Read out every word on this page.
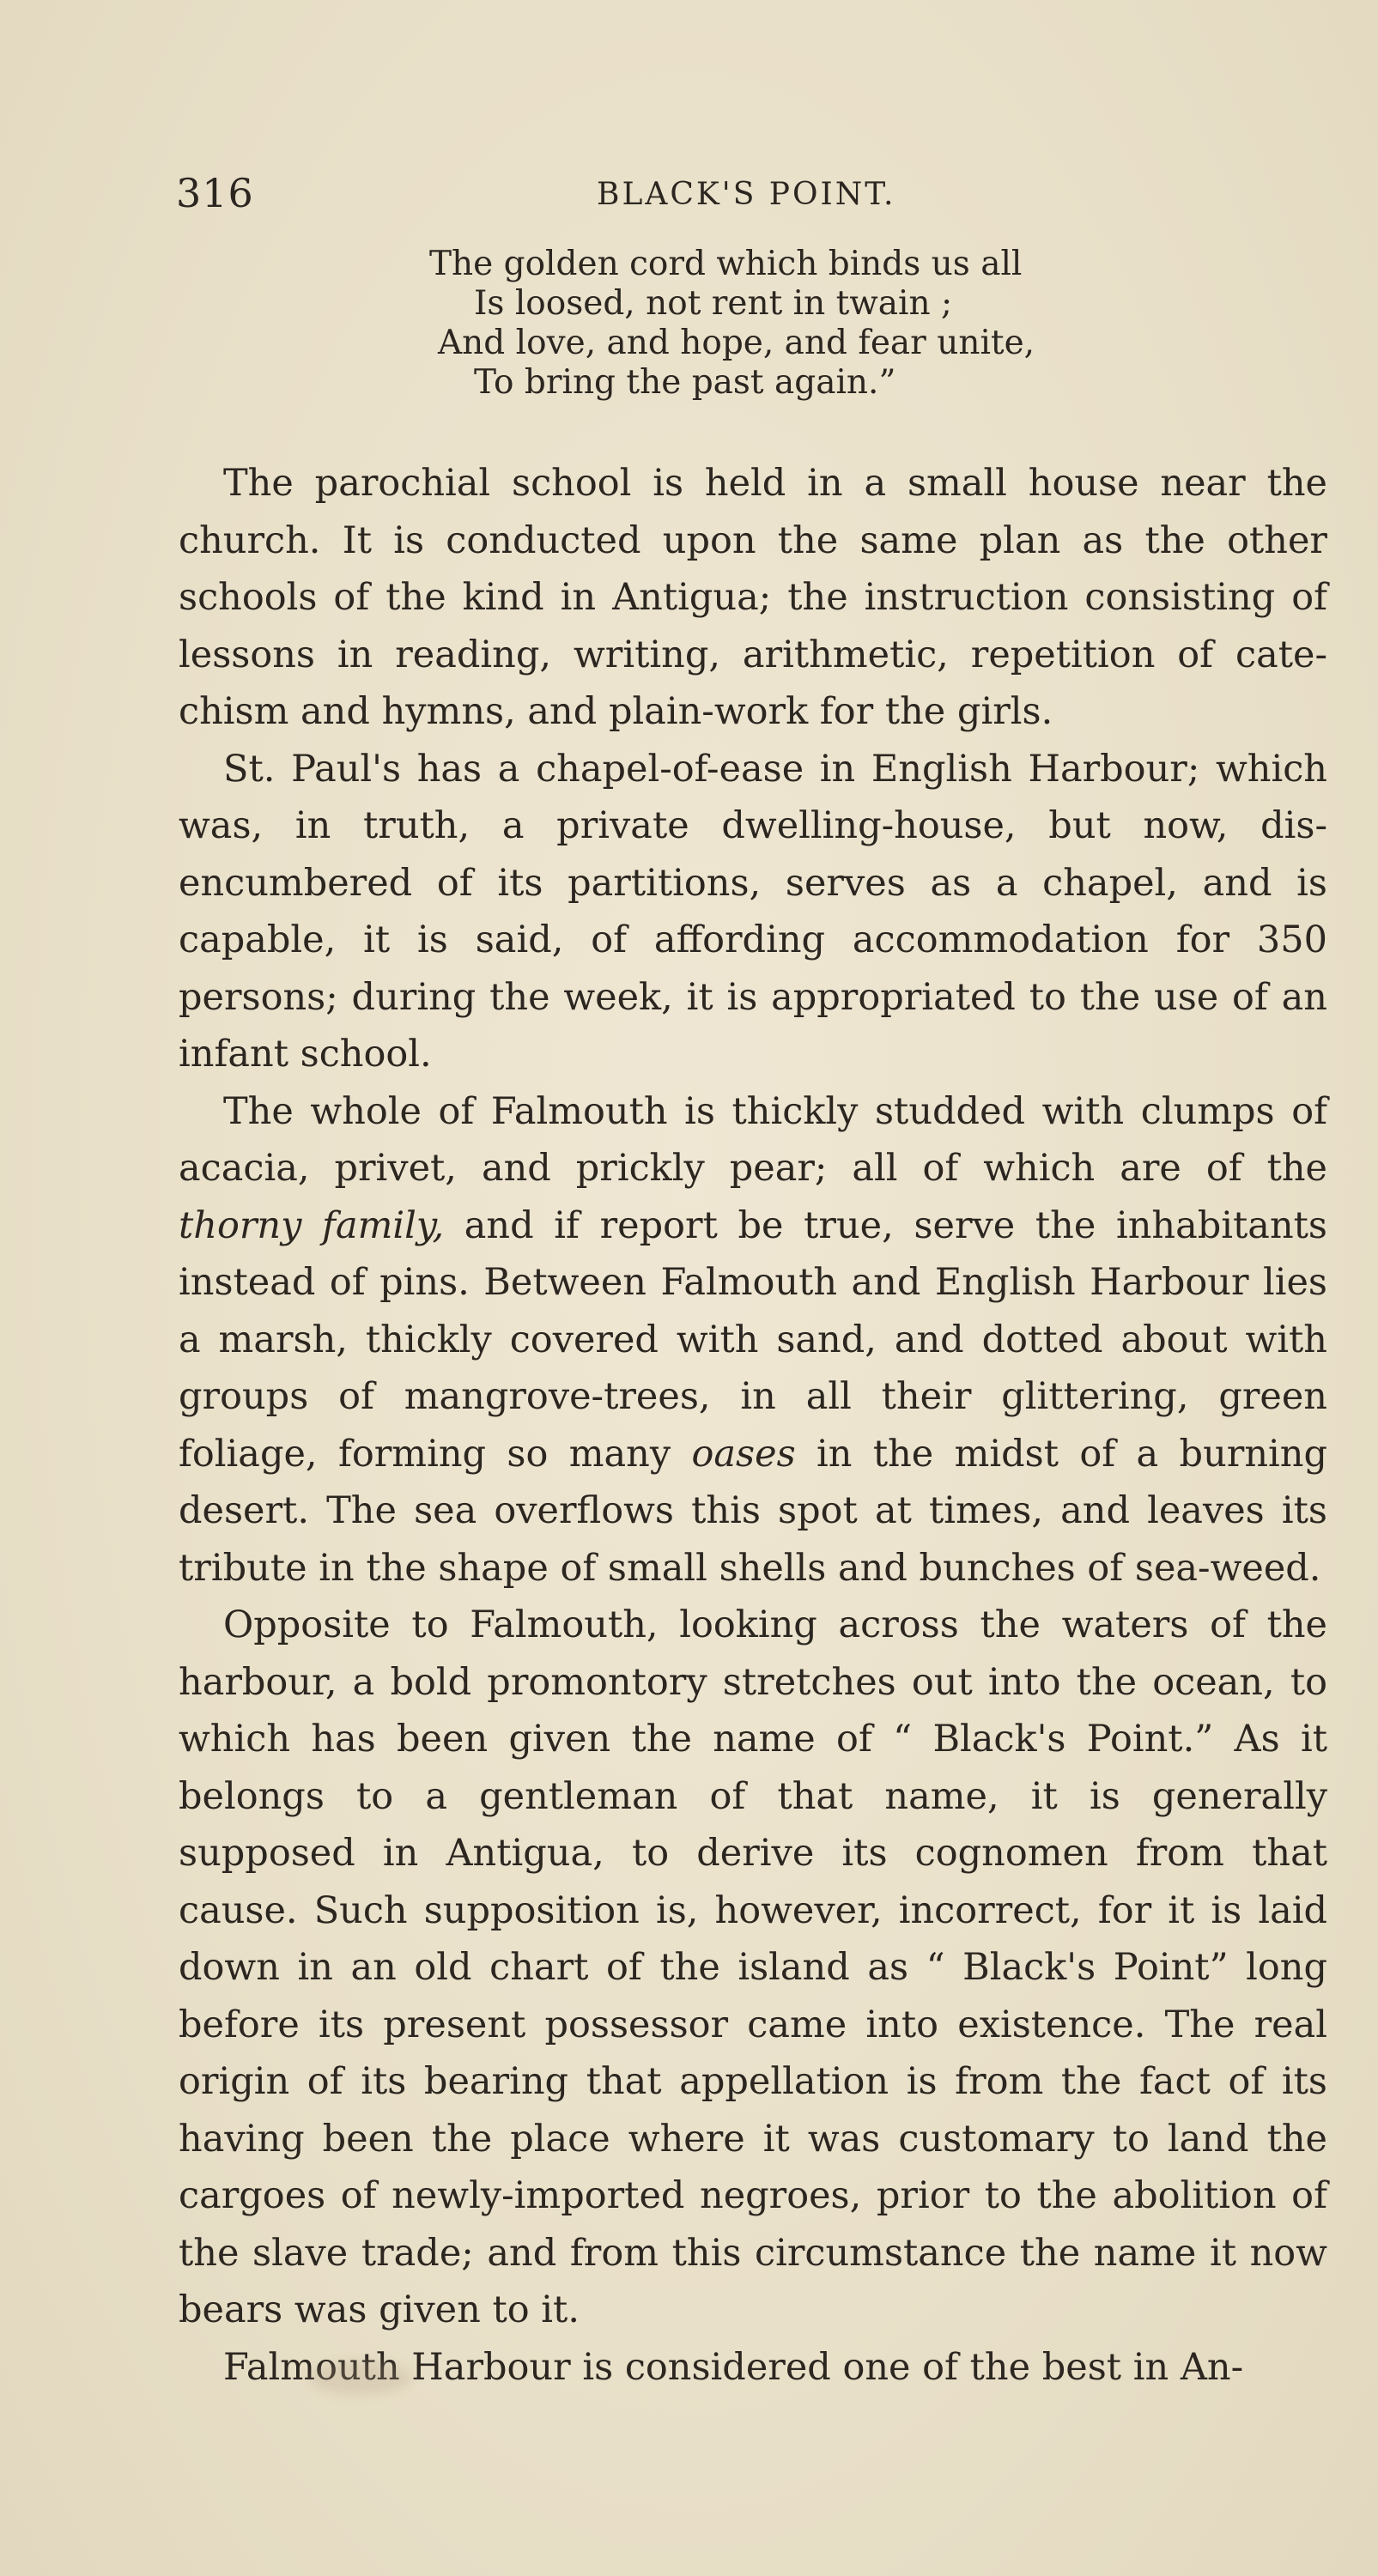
316	BLACK'S POINT.
The golden cord which binds us all
Is loosed, not rent in twain ;
And love, and hope, and fear unite,
To bring the past again.”

The parochial school is held in a small house near the church. It is conducted upon the same plan as the other schools of the kind in Antigua; the instruction consisting of lessons in reading, writing, arithmetic, repetition of cate- chism and hymns, and plain-work for the girls.

St. Paul's has a chapel-of-ease in English Harbour; which was, in truth, a private dwelling-house, but now, dis- encumbered of its partitions, serves as a chapel, and is capable, it is said, of affording accommodation for 350 persons; during the week, it is appropriated to the use of an infant school.

The whole of Falmouth is thickly studded with clumps of acacia, privet, and prickly pear; all of which are of the thorny family, and if report be true, serve the inhabitants instead of pins. Between Falmouth and English Harbour lies a marsh, thickly covered with sand, and dotted about with groups of mangrove-trees, in all their glittering, green foliage, forming so many oases in the midst of a burning desert. The sea overflows this spot at times, and leaves its tribute in the shape of small shells and bunches of sea-weed.

Opposite to Falmouth, looking across the waters of the harbour, a bold promontory stretches out into the ocean, to which has been given the name of “ Black's Point.” As it belongs to a gentleman of that name, it is generally supposed in Antigua, to derive its cognomen from that cause. Such supposition is, however, incorrect, for it is laid down in an old chart of the island as “ Black's Point” long before its present possessor came into existence. The real origin of its bearing that appellation is from the fact of its having been the place where it was customary to land the cargoes of newly-imported negroes, prior to the abolition of the slave trade; and from this circumstance the name it now bears was given to it.

Falmouth Harbour is considered one of the best in An-
